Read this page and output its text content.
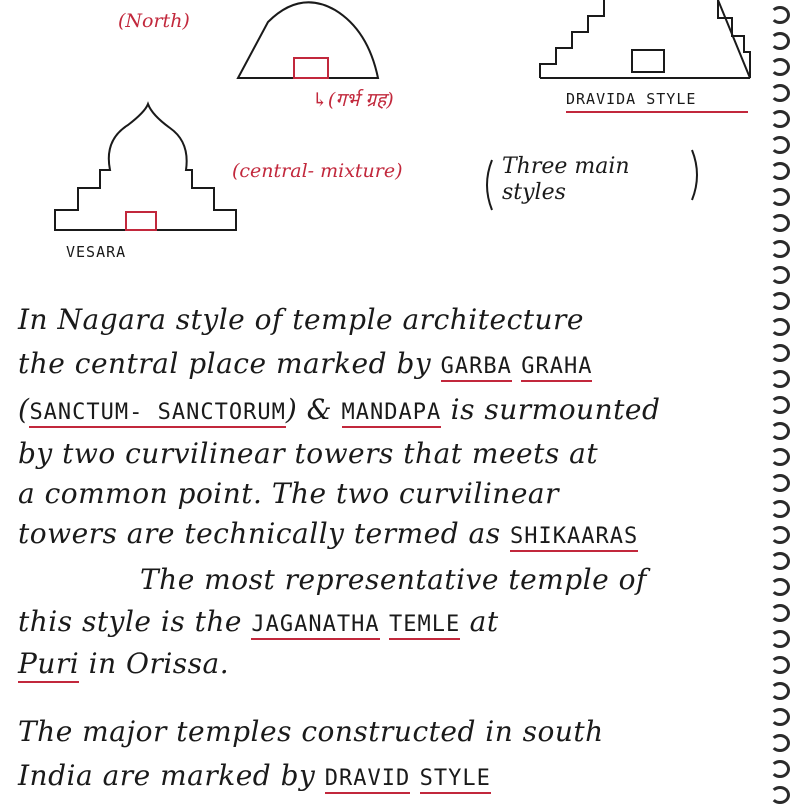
(North)
↳(गर्भ ग्रह)	DRAVIDA STYLE
(central- mixture)
VESARA
Three main
styles
In Nagara style of temple architecture
the central place marked by GARBA GRAHA
(SANCTUM- SANCTORUM) & MANDAPA is surmounted
by two curvilinear towers that meets at
a common point. The two curvilinear
towers are technically termed as SHIKAARAS
The most representative temple of
this style is the JAGANATHA TEMLE at
Puri in Orissa.
The major temples constructed in south
India are marked by DRAVID STYLE
